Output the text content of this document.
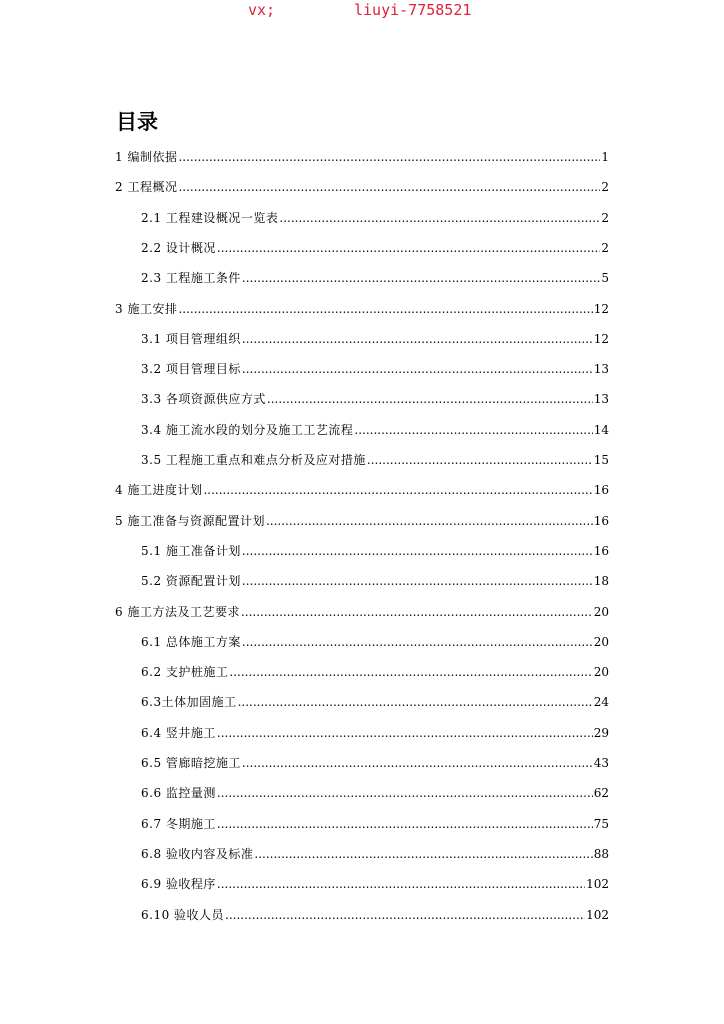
vx;	liuyi-7758521
目录
1 编制依据 .....	1
2 工程概况 .....	2
2.1 工程建设概况一览表 .....	2
2.2 设计概况 .....	2
2.3 工程施工条件 .....	5
3 施工安排 .....	12
3.1 项目管理组织 .....	12
3.2 项目管理目标 .....	13
3.3 各项资源供应方式 .....	13
3.4 施工流水段的划分及施工工艺流程 .....	14
3.5 工程施工重点和难点分析及应对措施 .....	15
4 施工进度计划 .....	16
5 施工准备与资源配置计划 .....	16
5.1 施工准备计划 .....	16
5.2 资源配置计划 .....	18
6 施工方法及工艺要求 .....	20
6.1 总体施工方案 .....	20
6.2 支护桩施工 .....	20
6.3土体加固施工 .....	24
6.4 竖井施工 .....	29
6.5 管廊暗挖施工 .....	43
6.6 监控量测 .....	62
6.7 冬期施工 .....	75
6.8 验收内容及标准 .....	88
6.9 验收程序 .....	102
6.10 验收人员 .....	102
